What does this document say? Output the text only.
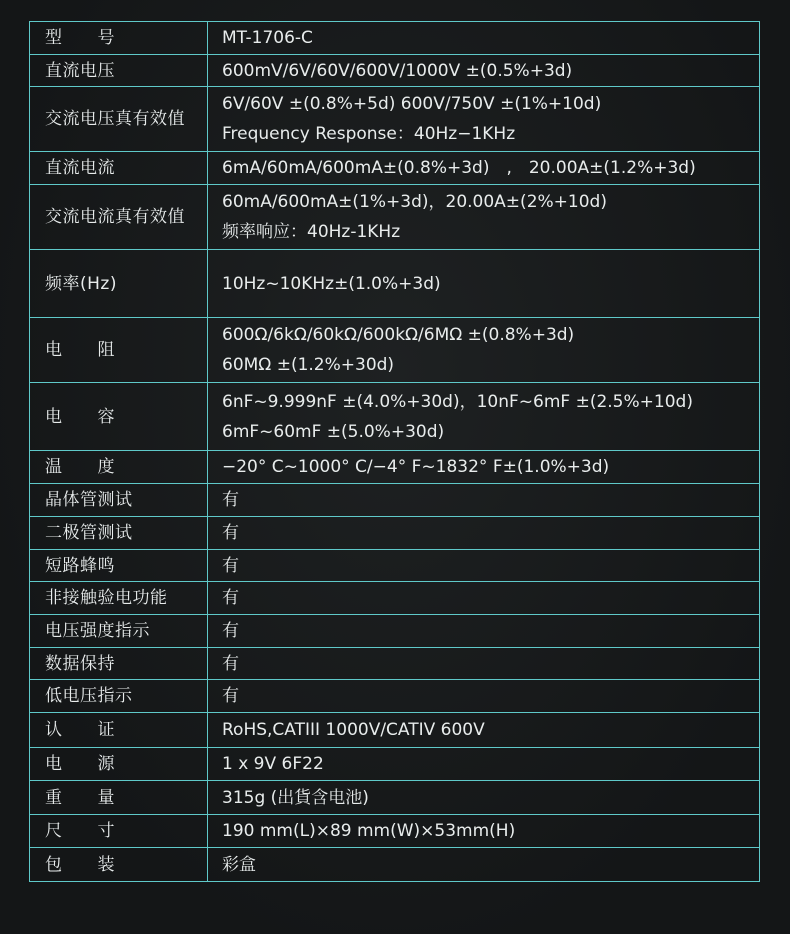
型　　号	MT-1706-C

直流电压	600mV/6V/60V/600V/1000V ±(0.5%+3d)

交流电压真有效值	6V/60V ±(0.8%+5d) 600V/750V ±(1%+10d)
Frequency Response：40Hz−1KHz

直流电流	6mA/60mA/600mA±(0.8%+3d)　,　20.00A±(1.2%+3d)

交流电流真有效值	60mA/600mA±(1%+3d)，20.00A±(2%+10d)
频率响应：40Hz-1KHz

频率(Hz)	10Hz~10KHz±(1.0%+3d)

电　　阻	600Ω/6kΩ/60kΩ/600kΩ/6MΩ ±(0.8%+3d)
60MΩ ±(1.2%+30d)

电　　容	6nF~9.999nF ±(4.0%+30d)，10nF~6mF ±(2.5%+10d)
6mF~60mF ±(5.0%+30d)

温　　度	−20° C~1000° C/−4° F~1832° F±(1.0%+3d)

晶体管测试	有

二极管测试	有

短路蜂鸣	有

非接触验电功能	有

电压强度指示	有

数据保持	有

低电压指示	有

认　　证	RoHS,CATIII 1000V/CATIV 600V

电　　源	1 x 9V 6F22

重　　量	315g (出貨含电池)

尺　　寸	190 mm(L)×89 mm(W)×53mm(H)

包　　装	彩盒
